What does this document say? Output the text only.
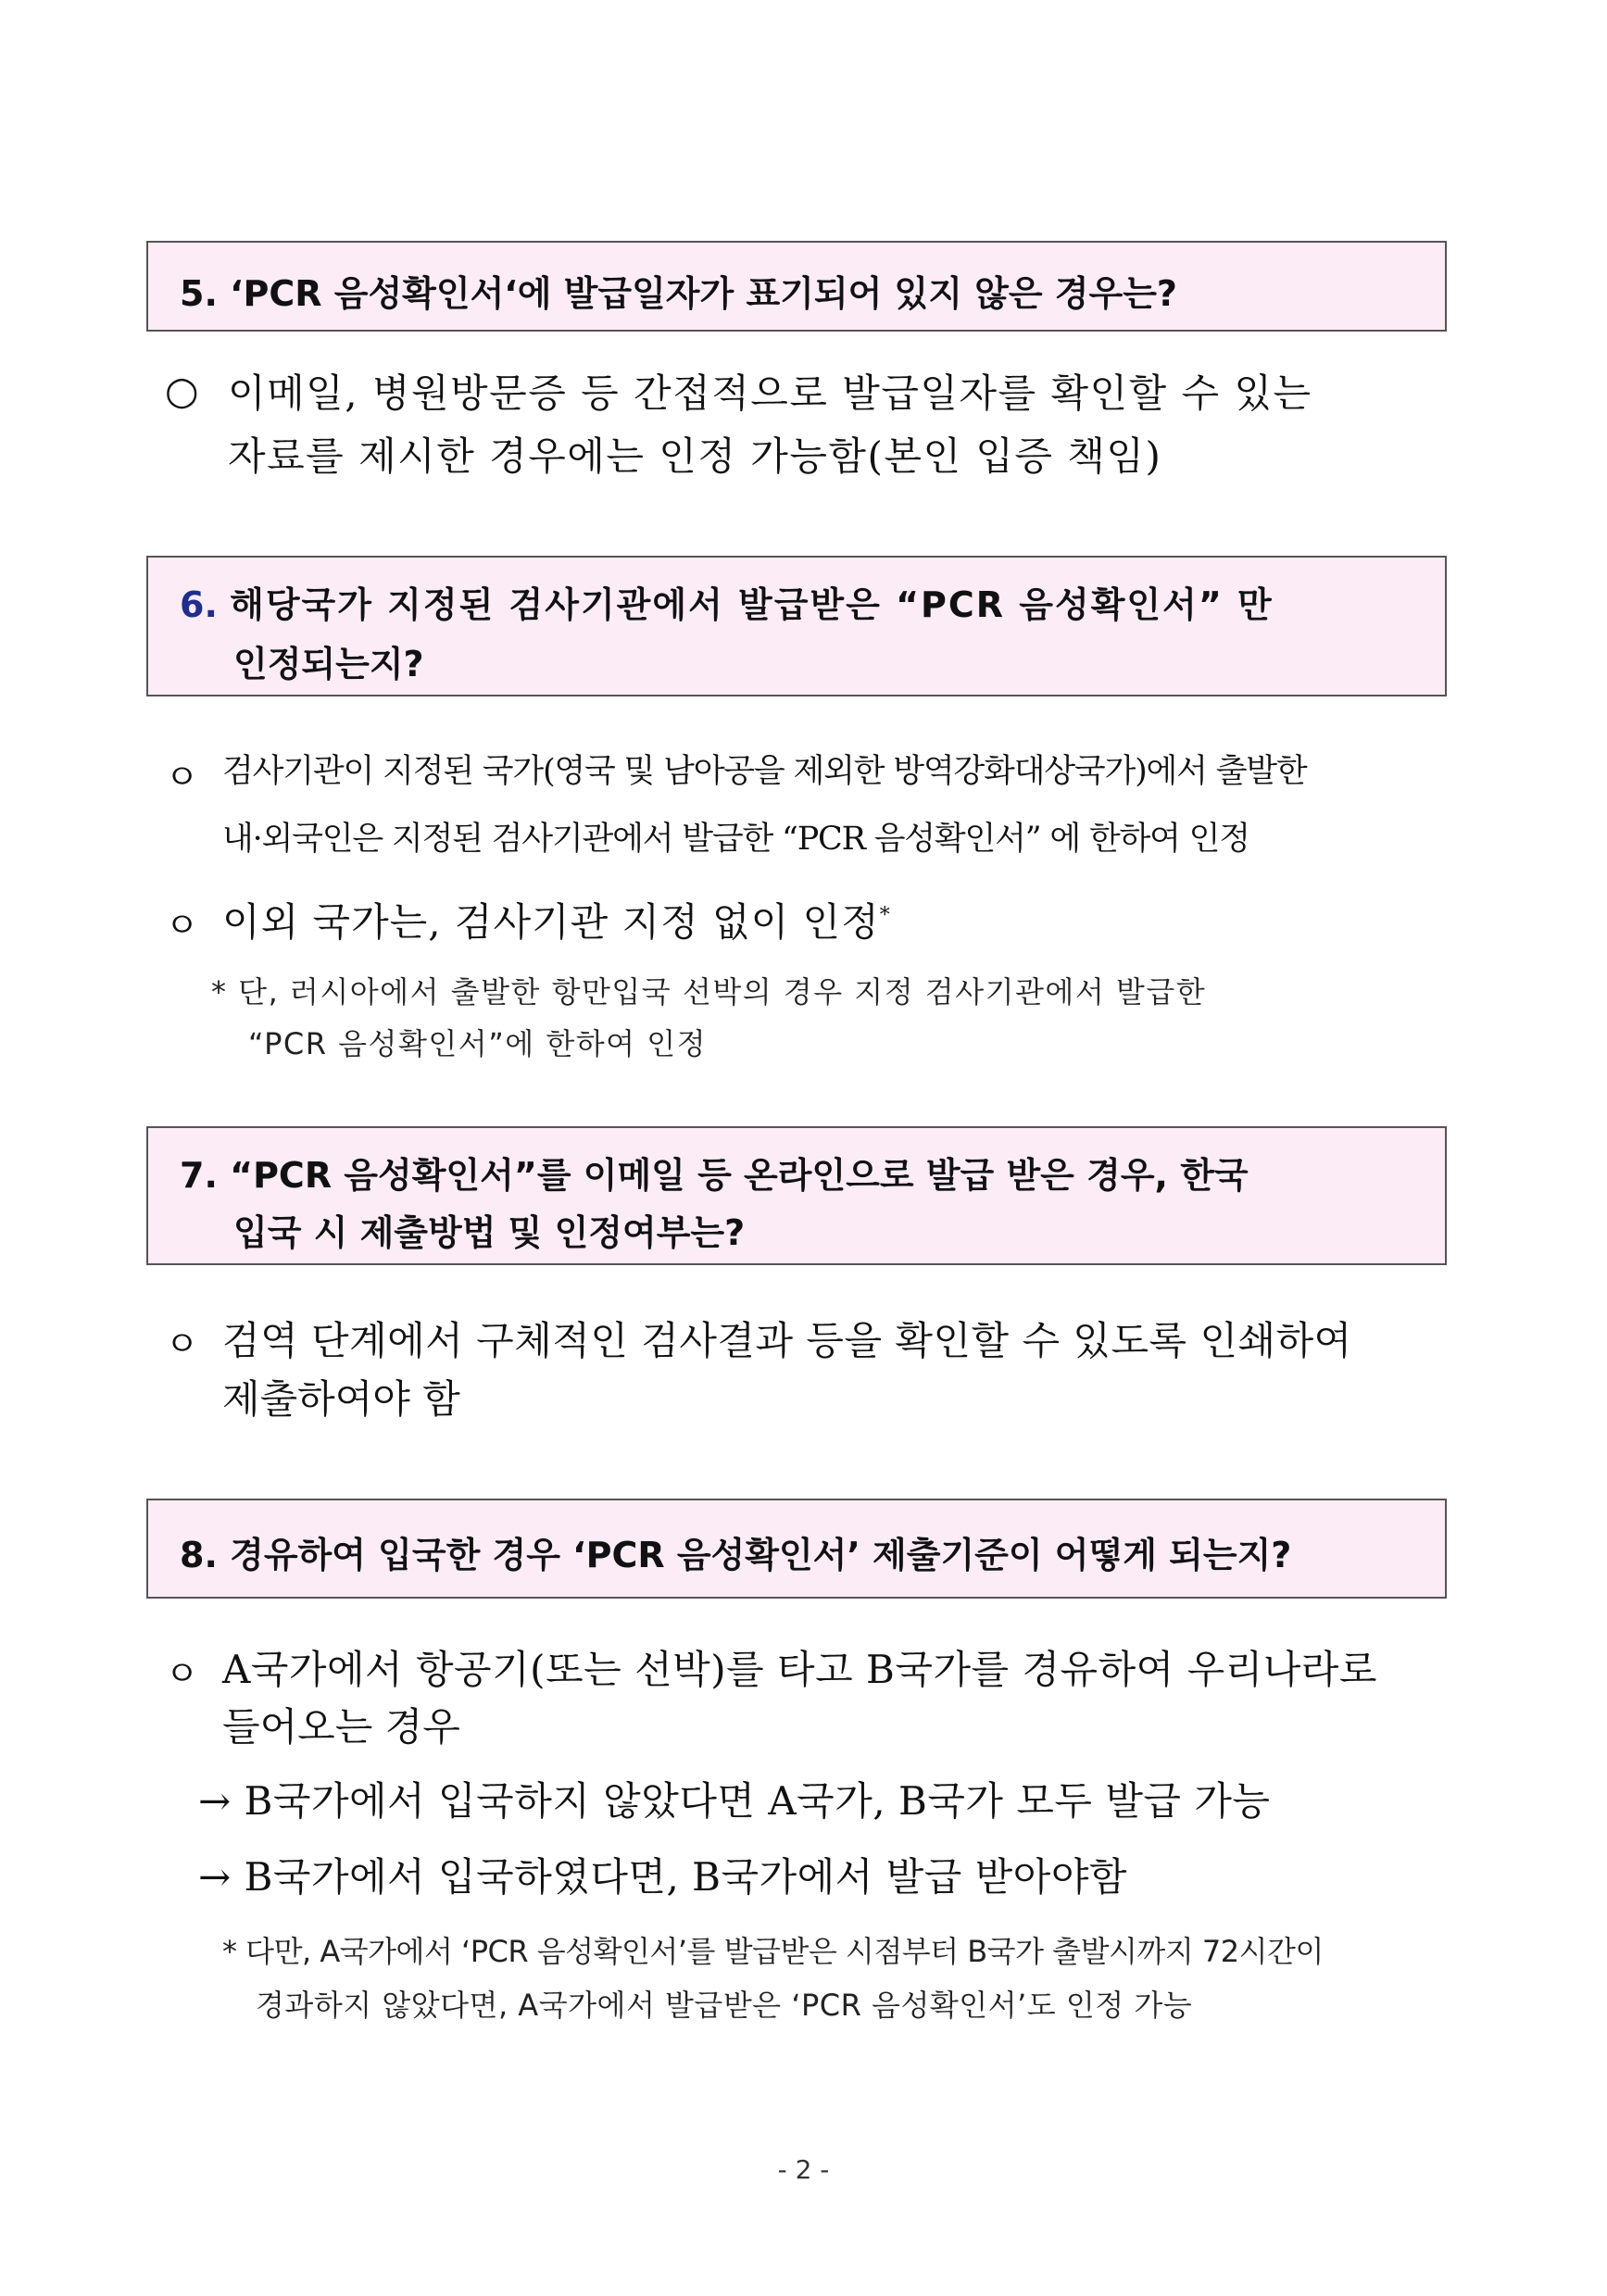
5. ‘PCR 음성확인서‘에 발급일자가 표기되어 있지 않은 경우는?
○ 이메일, 병원방문증 등 간접적으로 발급일자를 확인할 수 있는
자료를 제시한 경우에는 인정 가능함(본인 입증 책임)
6. 해당국가 지정된 검사기관에서 발급받은 “PCR 음성확인서” 만
인정되는지?
ㅇ 검사기관이 지정된 국가(영국 및 남아공을 제외한 방역강화대상국가)에서 출발한
내·외국인은 지정된 검사기관에서 발급한 “PCR 음성확인서” 에 한하여 인정
ㅇ 이외 국가는, 검사기관 지정 없이 인정*
* 단, 러시아에서 출발한 항만입국 선박의 경우 지정 검사기관에서 발급한
“PCR 음성확인서”에 한하여 인정
7. “PCR 음성확인서”를 이메일 등 온라인으로 발급 받은 경우, 한국
입국 시 제출방법 및 인정여부는?
ㅇ 검역 단계에서 구체적인 검사결과 등을 확인할 수 있도록 인쇄하여
제출하여야 함
8. 경유하여 입국한 경우 ‘PCR 음성확인서’ 제출기준이 어떻게 되는지?
ㅇ A국가에서 항공기(또는 선박)를 타고 B국가를 경유하여 우리나라로
들어오는 경우
→ B국가에서 입국하지 않았다면 A국가, B국가 모두 발급 가능
→ B국가에서 입국하였다면, B국가에서 발급 받아야함
* 다만, A국가에서 ‘PCR 음성확인서’를 발급받은 시점부터 B국가 출발시까지 72시간이
경과하지 않았다면, A국가에서 발급받은 ‘PCR 음성확인서’도 인정 가능
- 2 -
